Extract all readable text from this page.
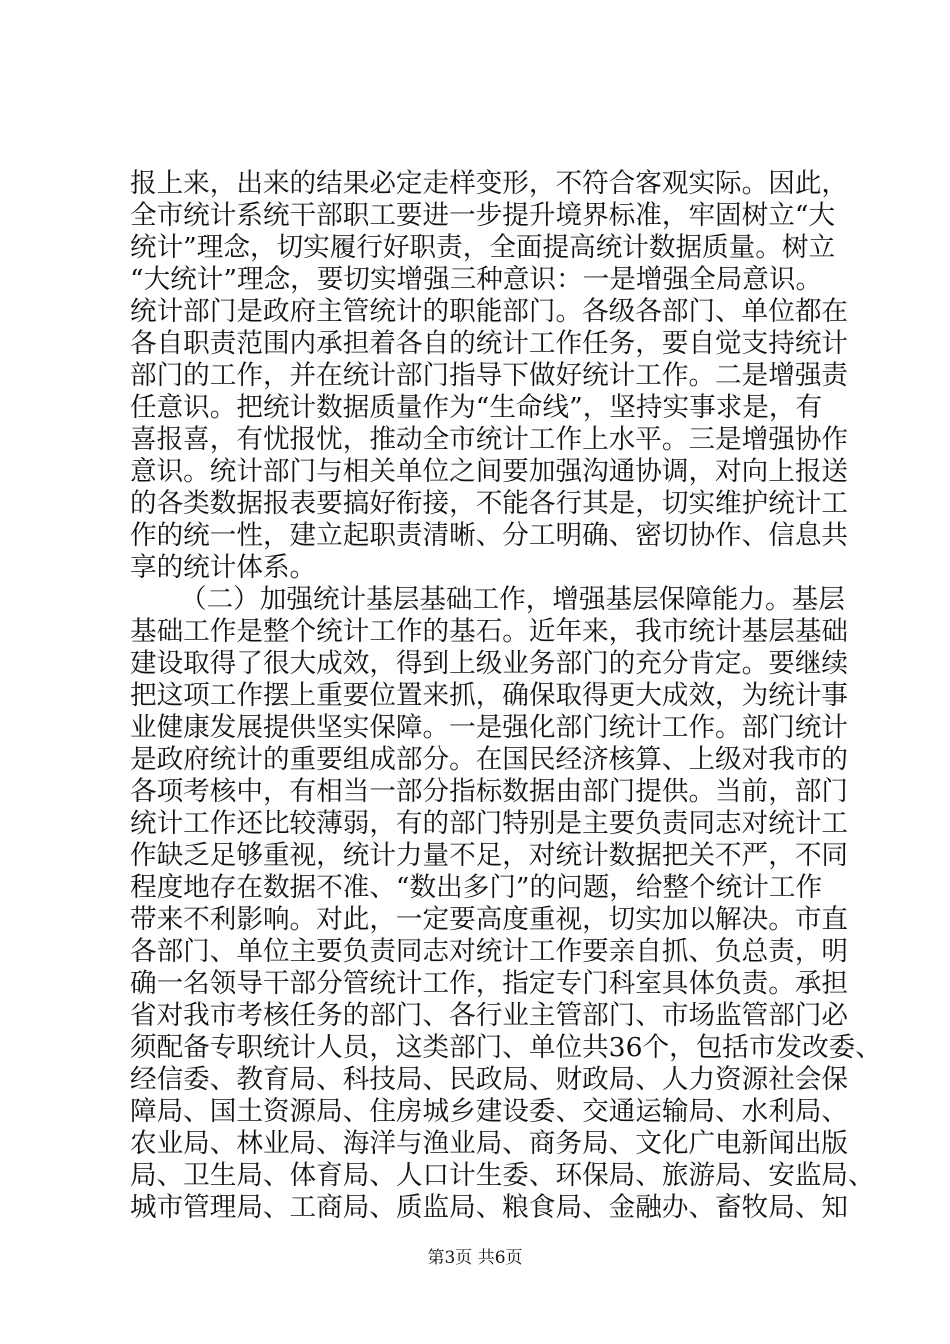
报上来，出来的结果必定走样变形，不符合客观实际。因此，
全市统计系统干部职工要进一步提升境界标准，牢固树立“大
统计”理念，切实履行好职责，全面提高统计数据质量。树立
“大统计”理念，要切实增强三种意识：一是增强全局意识。
统计部门是政府主管统计的职能部门。各级各部门、单位都在
各自职责范围内承担着各自的统计工作任务，要自觉支持统计
部门的工作，并在统计部门指导下做好统计工作。二是增强责
任意识。把统计数据质量作为“生命线”，坚持实事求是，有
喜报喜，有忧报忧，推动全市统计工作上水平。三是增强协作
意识。统计部门与相关单位之间要加强沟通协调，对向上报送
的各类数据报表要搞好衔接，不能各行其是，切实维护统计工
作的统一性，建立起职责清晰、分工明确、密切协作、信息共
享的统计体系。
（二）加强统计基层基础工作，增强基层保障能力。基层
基础工作是整个统计工作的基石。近年来，我市统计基层基础
建设取得了很大成效，得到上级业务部门的充分肯定。要继续
把这项工作摆上重要位置来抓，确保取得更大成效，为统计事
业健康发展提供坚实保障。一是强化部门统计工作。部门统计
是政府统计的重要组成部分。在国民经济核算、上级对我市的
各项考核中，有相当一部分指标数据由部门提供。当前，部门
统计工作还比较薄弱，有的部门特别是主要负责同志对统计工
作缺乏足够重视，统计力量不足，对统计数据把关不严，不同
程度地存在数据不准、“数出多门”的问题，给整个统计工作
带来不利影响。对此，一定要高度重视，切实加以解决。市直
各部门、单位主要负责同志对统计工作要亲自抓、负总责，明
确一名领导干部分管统计工作，指定专门科室具体负责。承担
省对我市考核任务的部门、各行业主管部门、市场监管部门必
须配备专职统计人员，这类部门、单位共36个，包括市发改委、
经信委、教育局、科技局、民政局、财政局、人力资源社会保
障局、国土资源局、住房城乡建设委、交通运输局、水利局、
农业局、林业局、海洋与渔业局、商务局、文化广电新闻出版
局、卫生局、体育局、人口计生委、环保局、旅游局、安监局、
城市管理局、工商局、质监局、粮食局、金融办、畜牧局、知
第3页 共6页
